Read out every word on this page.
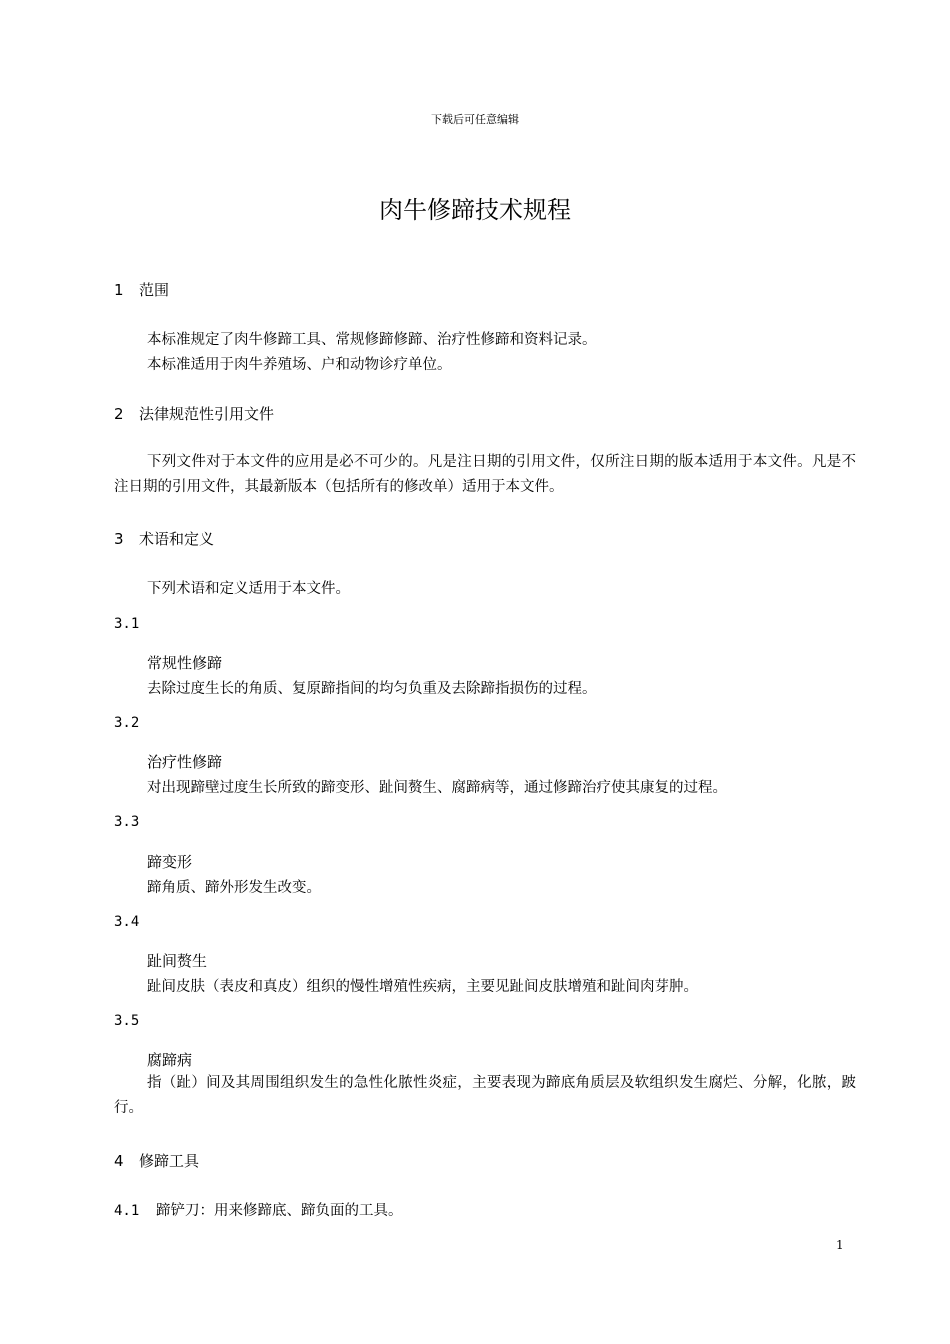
下载后可任意编辑
肉牛修蹄技术规程
1 范围
本标准规定了肉牛修蹄工具、常规修蹄修蹄、治疗性修蹄和资料记录。
本标准适用于肉牛养殖场、户和动物诊疗单位。
2 法律规范性引用文件
下列文件对于本文件的应用是必不可少的。凡是注日期的引用文件，仅所注日期的版本适用于本文件。凡是不注日期的引用文件，其最新版本（包括所有的修改单）适用于本文件。
3 术语和定义
下列术语和定义适用于本文件。
3.1
常规性修蹄
去除过度生长的角质、复原蹄指间的均匀负重及去除蹄指损伤的过程。
3.2
治疗性修蹄
对出现蹄壁过度生长所致的蹄变形、趾间赘生、腐蹄病等，通过修蹄治疗使其康复的过程。
3.3
蹄变形
蹄角质、蹄外形发生改变。
3.4
趾间赘生
趾间皮肤（表皮和真皮）组织的慢性增殖性疾病，主要见趾间皮肤增殖和趾间肉芽肿。
3.5
腐蹄病
指（趾）间及其周围组织发生的急性化脓性炎症，主要表现为蹄底角质层及软组织发生腐烂、分解，化脓，跛行。
4 修蹄工具
4.1 蹄铲刀：用来修蹄底、蹄负面的工具。
1
